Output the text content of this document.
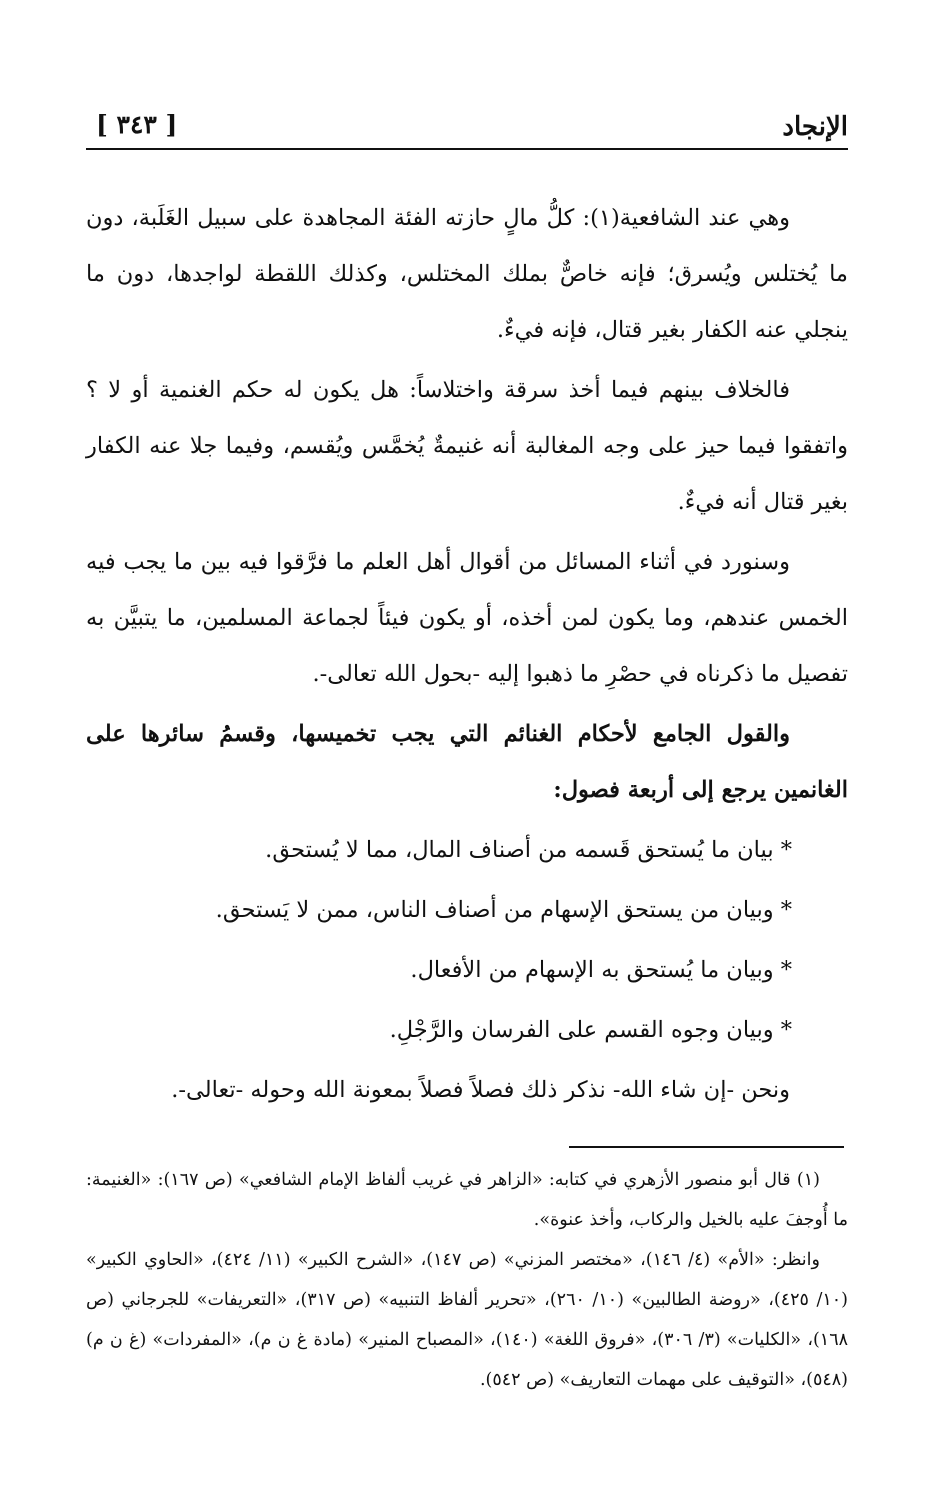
الإنجاد
[ ٣٤٣ ]

وهي عند الشافعية(١): كلُّ مالٍ حازته الفئة المجاهدة على سبيل الغَلَبة، دون ما يُختلس ويُسرق؛ فإنه خاصٌّ بملك المختلس، وكذلك اللقطة لواجدها، دون ما ينجلي عنه الكفار بغير قتال، فإنه فيءٌ.

فالخلاف بينهم فيما أخذ سرقة واختلاساً: هل يكون له حكم الغنمية أو لا ؟ واتفقوا فيما حيز على وجه المغالبة أنه غنيمةٌ يُخمَّس ويُقسم، وفيما جلا عنه الكفار بغير قتال أنه فيءٌ.

وسنورد في أثناء المسائل من أقوال أهل العلم ما فرَّقوا فيه بين ما يجب فيه الخمس عندهم، وما يكون لمن أخذه، أو يكون فيئاً لجماعة المسلمين، ما يتبيَّن به تفصيل ما ذكرناه في حصْرِ ما ذهبوا إليه -بحول الله تعالى-.

والقول الجامع لأحكام الغنائم التي يجب تخميسها، وقسمُ سائرها على الغانمين يرجع إلى أربعة فصول:

* بيان ما يُستحق قَسمه من أصناف المال، مما لا يُستحق.

* وبيان من يستحق الإسهام من أصناف الناس، ممن لا يَستحق.

* وبيان ما يُستحق به الإسهام من الأفعال.

* وبيان وجوه القسم على الفرسان والرَّجْلِ.

ونحن -إن شاء الله- نذكر ذلك فصلاً فصلاً بمعونة الله وحوله -تعالى-.

(١) قال أبو منصور الأزهري في كتابه: «الزاهر في غريب ألفاظ الإمام الشافعي» (ص ١٦٧): «الغنيمة: ما أُوجفَ عليه بالخيل والركاب، وأخذ عنوة».

وانظر: «الأم» (٤/ ١٤٦)، «مختصر المزني» (ص ١٤٧)، «الشرح الكبير» (١١/ ٤٢٤)، «الحاوي الكبير» (١٠/ ٤٢٥)، «روضة الطالبين» (١٠/ ٢٦٠)، «تحرير ألفاظ التنبيه» (ص ٣١٧)، «التعريفات» للجرجاني (ص ١٦٨)، «الكليات» (٣/ ٣٠٦)، «فروق اللغة» (١٤٠)، «المصباح المنير» (مادة غ ن م)، «المفردات» (غ ن م) (٥٤٨)، «التوقيف على مهمات التعاريف» (ص ٥٤٢).
